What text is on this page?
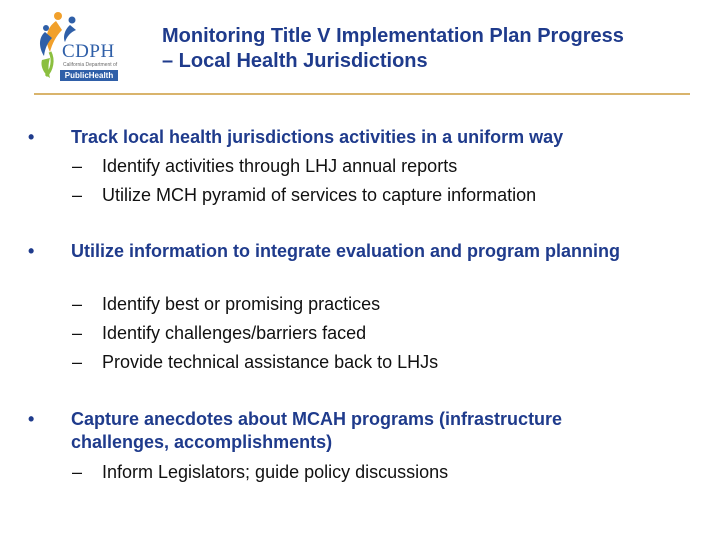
CDPH
California Department of
PublicHealth
Monitoring Title V Implementation Plan Progress
– Local Health Jurisdictions
•	Track local health jurisdictions activities in a uniform way
– Identify activities through LHJ annual reports
– Utilize MCH pyramid of services to capture information
•	Utilize information to integrate evaluation and program planning
– Identify best or promising practices
– Identify challenges/barriers faced
– Provide technical assistance back to LHJs
•	Capture anecdotes about MCAH programs (infrastructure challenges, accomplishments)
– Inform Legislators; guide policy discussions
